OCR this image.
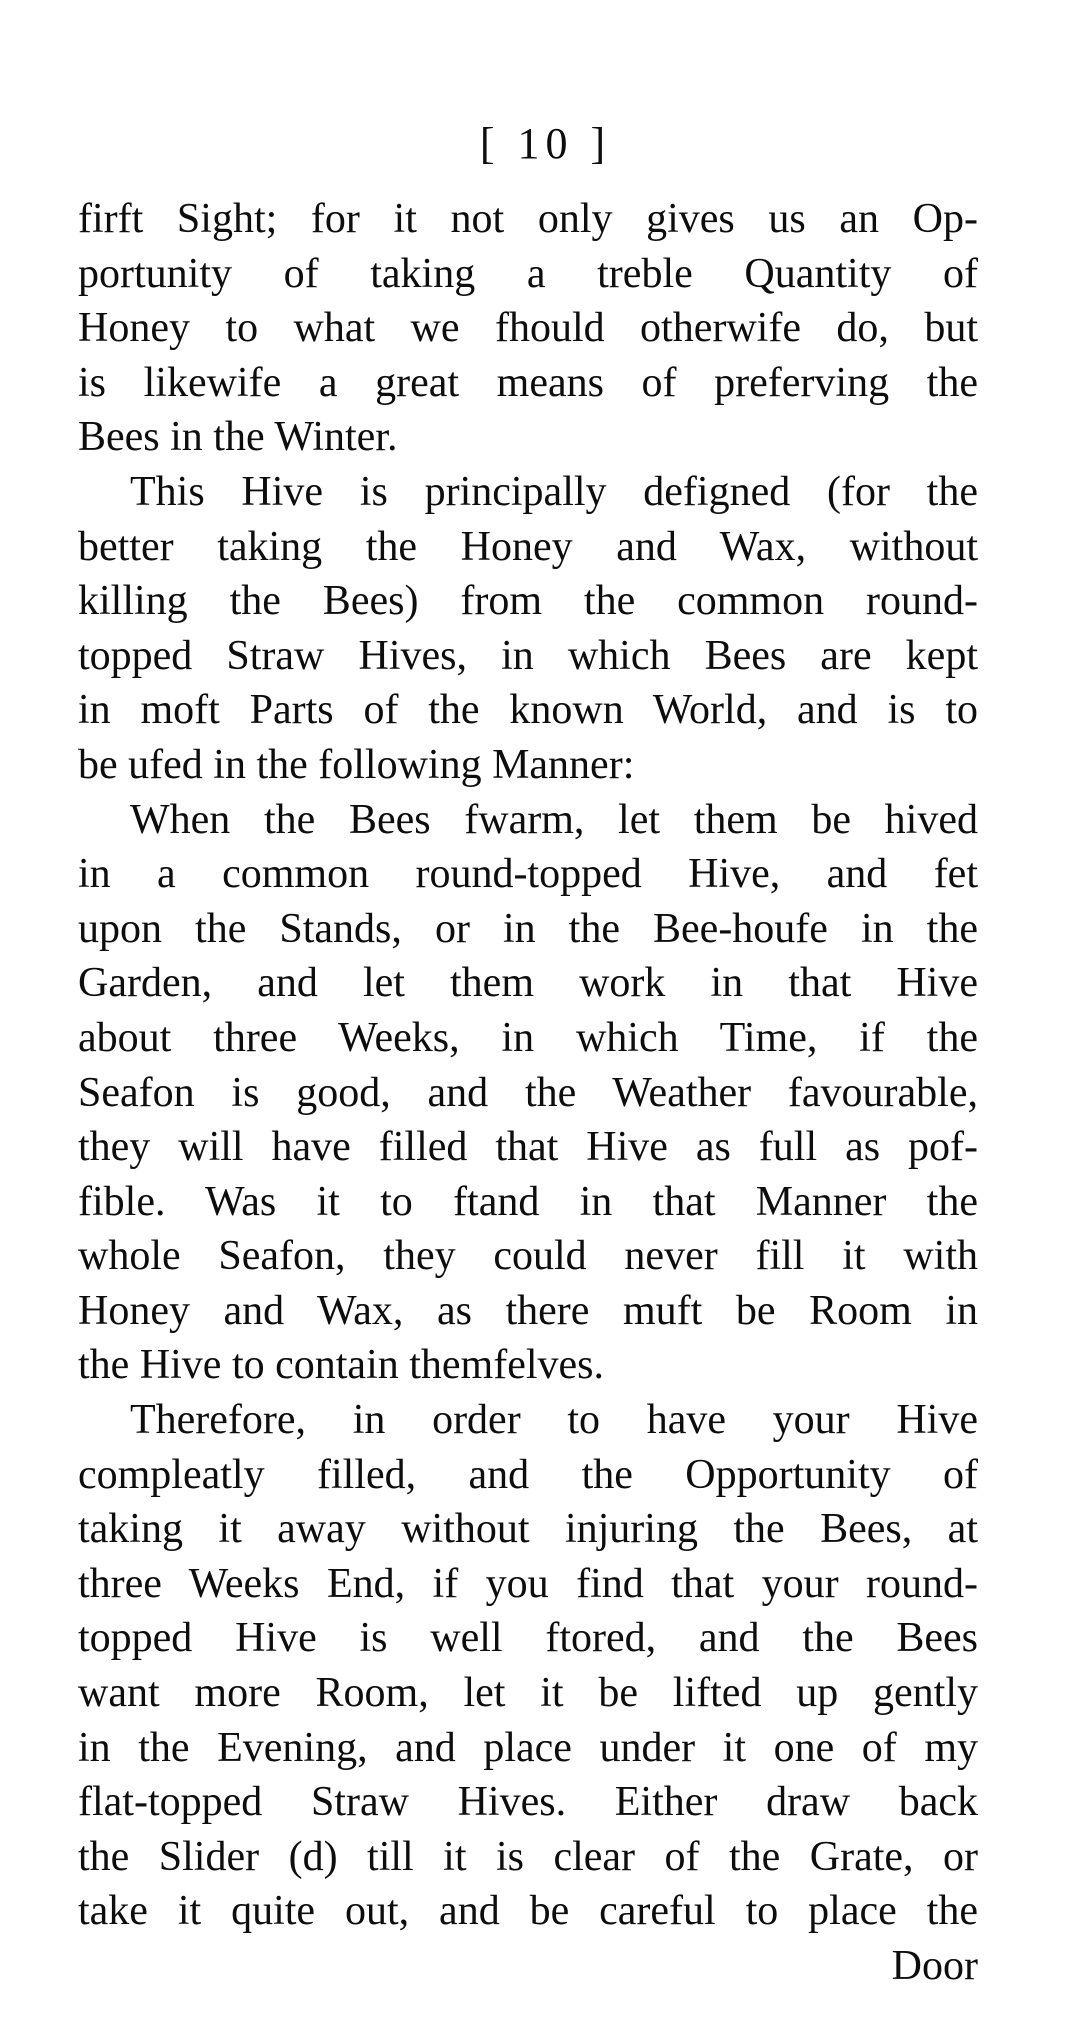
[ 10 ]
firft Sight; for it not only gives us an Op-
portunity of taking a treble Quantity of
Honey to what we fhould otherwife do, but
is likewife a great means of preferving the
Bees in the Winter.
This Hive is principally defigned (for the
better taking the Honey and Wax, without
killing the Bees) from the common round-
topped Straw Hives, in which Bees are kept
in moft Parts of the known World, and is to
be ufed in the following Manner:
When the Bees fwarm, let them be hived
in a common round-topped Hive, and fet
upon the Stands, or in the Bee-houfe in the
Garden, and let them work in that Hive
about three Weeks, in which Time, if the
Seafon is good, and the Weather favourable,
they will have filled that Hive as full as pof-
fible. Was it to ftand in that Manner the
whole Seafon, they could never fill it with
Honey and Wax, as there muft be Room in
the Hive to contain themfelves.
Therefore, in order to have your Hive
compleatly filled, and the Opportunity of
taking it away without injuring the Bees, at
three Weeks End, if you find that your round-
topped Hive is well ftored, and the Bees
want more Room, let it be lifted up gently
in the Evening, and place under it one of my
flat-topped Straw Hives. Either draw back
the Slider (d) till it is clear of the Grate, or
take it quite out, and be careful to place the
Door
